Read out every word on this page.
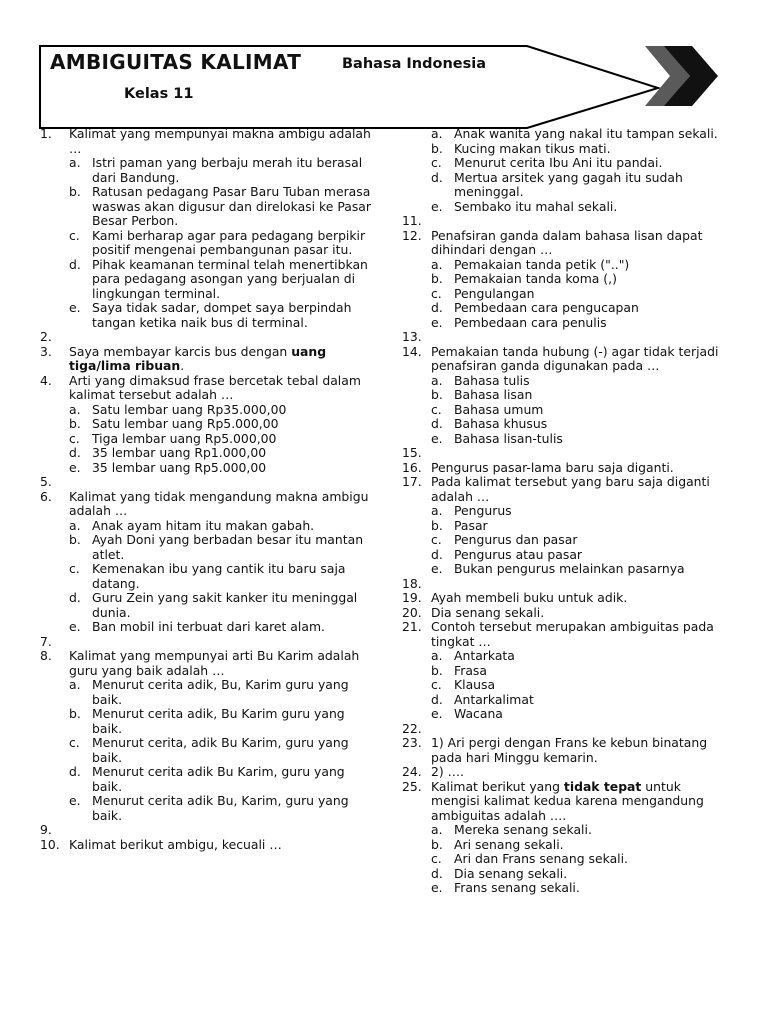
AMBIGUITAS KALIMAT	Bahasa Indonesia
Kelas 11
1.	Kalimat yang mempunyai makna ambigu adalah …
a. Istri paman yang berbaju merah itu berasal dari Bandung.
b. Ratusan pedagang Pasar Baru Tuban merasa waswas akan digusur dan direlokasi ke Pasar Besar Perbon.
c. Kami berharap agar para pedagang berpikir positif mengenai pembangunan pasar itu.
d. Pihak keamanan terminal telah menertibkan para pedagang asongan yang berjualan di lingkungan terminal.
e. Saya tidak sadar, dompet saya berpindah tangan ketika naik bus di terminal.
2.
3.	Saya membayar karcis bus dengan uang tiga/lima ribuan.
4.	Arti yang dimaksud frase bercetak tebal dalam kalimat tersebut adalah …
a. Satu lembar uang Rp35.000,00
b. Satu lembar uang Rp5.000,00
c. Tiga lembar uang Rp5.000,00
d. 35 lembar uang Rp1.000,00
e. 35 lembar uang Rp5.000,00
5.
6.	Kalimat yang tidak mengandung makna ambigu adalah …
a. Anak ayam hitam itu makan gabah.
b. Ayah Doni yang berbadan besar itu mantan atlet.
c. Kemenakan ibu yang cantik itu baru saja datang.
d. Guru Zein yang sakit kanker itu meninggal dunia.
e. Ban mobil ini terbuat dari karet alam.
7.
8.	Kalimat yang mempunyai arti Bu Karim adalah guru yang baik adalah …
a. Menurut cerita adik, Bu, Karim guru yang baik.
b. Menurut cerita adik, Bu Karim guru yang baik.
c. Menurut cerita, adik Bu Karim, guru yang baik.
d. Menurut cerita adik Bu Karim, guru yang baik.
e. Menurut cerita adik Bu, Karim, guru yang baik.
9.
10. Kalimat berikut ambigu, kecuali …
a. Anak wanita yang nakal itu tampan sekali.
b. Kucing makan tikus mati.
c. Menurut cerita Ibu Ani itu pandai.
d. Mertua arsitek yang gagah itu sudah meninggal.
e. Sembako itu mahal sekali.
11.
12. Penafsiran ganda dalam bahasa lisan dapat dihindari dengan …
a. Pemakaian tanda petik ("..")
b. Pemakaian tanda koma (,)
c. Pengulangan
d. Pembedaan cara pengucapan
e. Pembedaan cara penulis
13.
14. Pemakaian tanda hubung (-) agar tidak terjadi penafsiran ganda digunakan pada …
a. Bahasa tulis
b. Bahasa lisan
c. Bahasa umum
d. Bahasa khusus
e. Bahasa lisan-tulis
15.
16. Pengurus pasar-lama baru saja diganti.
17. Pada kalimat tersebut yang baru saja diganti adalah …
a. Pengurus
b. Pasar
c. Pengurus dan pasar
d. Pengurus atau pasar
e. Bukan pengurus melainkan pasarnya
18.
19. Ayah membeli buku untuk adik.
20. Dia senang sekali.
21. Contoh tersebut merupakan ambiguitas pada tingkat …
a. Antarkata
b. Frasa
c. Klausa
d. Antarkalimat
e. Wacana
22.
23. 1) Ari pergi dengan Frans ke kebun binatang pada hari Minggu kemarin.
24. 2) ….
25. Kalimat berikut yang tidak tepat untuk mengisi kalimat kedua karena mengandung ambiguitas adalah ….
a. Mereka senang sekali.
b. Ari senang sekali.
c. Ari dan Frans senang sekali.
d. Dia senang sekali.
e. Frans senang sekali.
